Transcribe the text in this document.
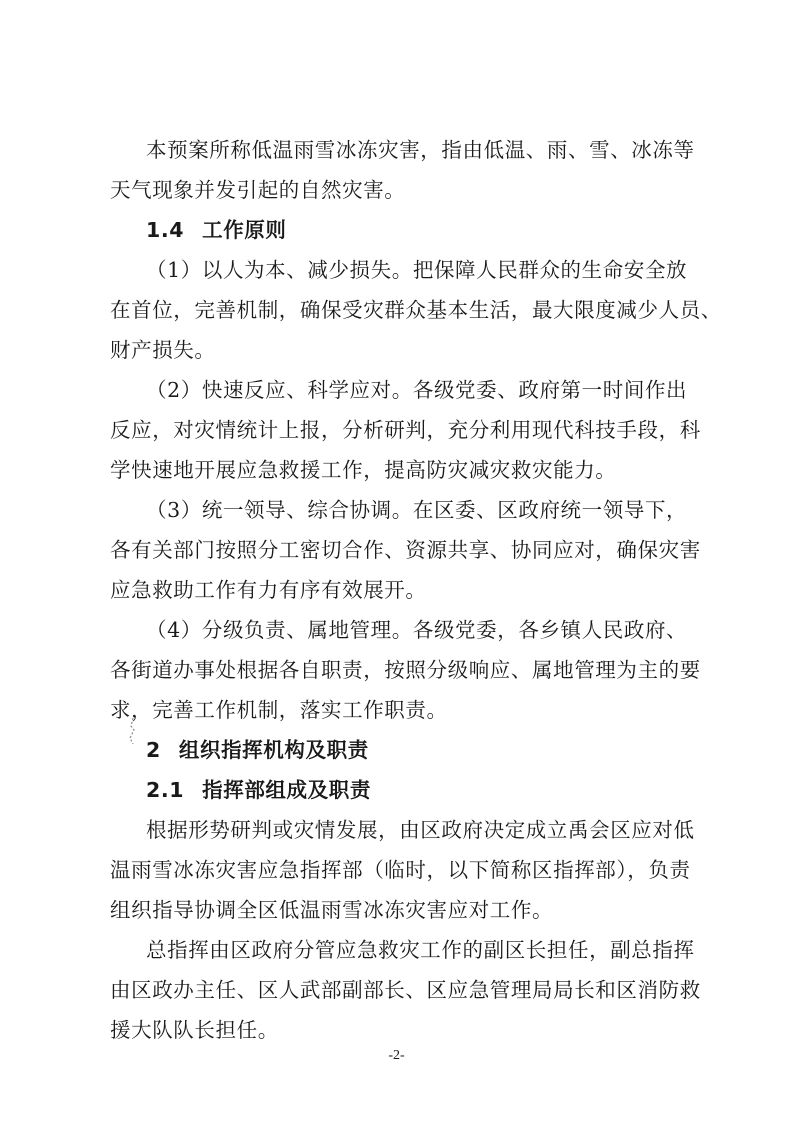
本预案所称低温雨雪冰冻灾害，指由低温、雨、雪、冰冻等
天气现象并发引起的自然灾害。
1.4 工作原则
（1）以人为本、减少损失。把保障人民群众的生命安全放
在首位，完善机制，确保受灾群众基本生活，最大限度减少人员、
财产损失。
（2）快速反应、科学应对。各级党委、政府第一时间作出
反应，对灾情统计上报，分析研判，充分利用现代科技手段，科
学快速地开展应急救援工作，提高防灾减灾救灾能力。
（3）统一领导、综合协调。在区委、区政府统一领导下，
各有关部门按照分工密切合作、资源共享、协同应对，确保灾害
应急救助工作有力有序有效展开。
（4）分级负责、属地管理。各级党委，各乡镇人民政府、
各街道办事处根据各自职责，按照分级响应、属地管理为主的要
求，完善工作机制，落实工作职责。
2 组织指挥机构及职责
2.1 指挥部组成及职责
根据形势研判或灾情发展，由区政府决定成立禹会区应对低
温雨雪冰冻灾害应急指挥部（临时，以下简称区指挥部），负责
组织指导协调全区低温雨雪冰冻灾害应对工作。
总指挥由区政府分管应急救灾工作的副区长担任，副总指挥
由区政办主任、区人武部副部长、区应急管理局局长和区消防救
援大队队长担任。
-2-
